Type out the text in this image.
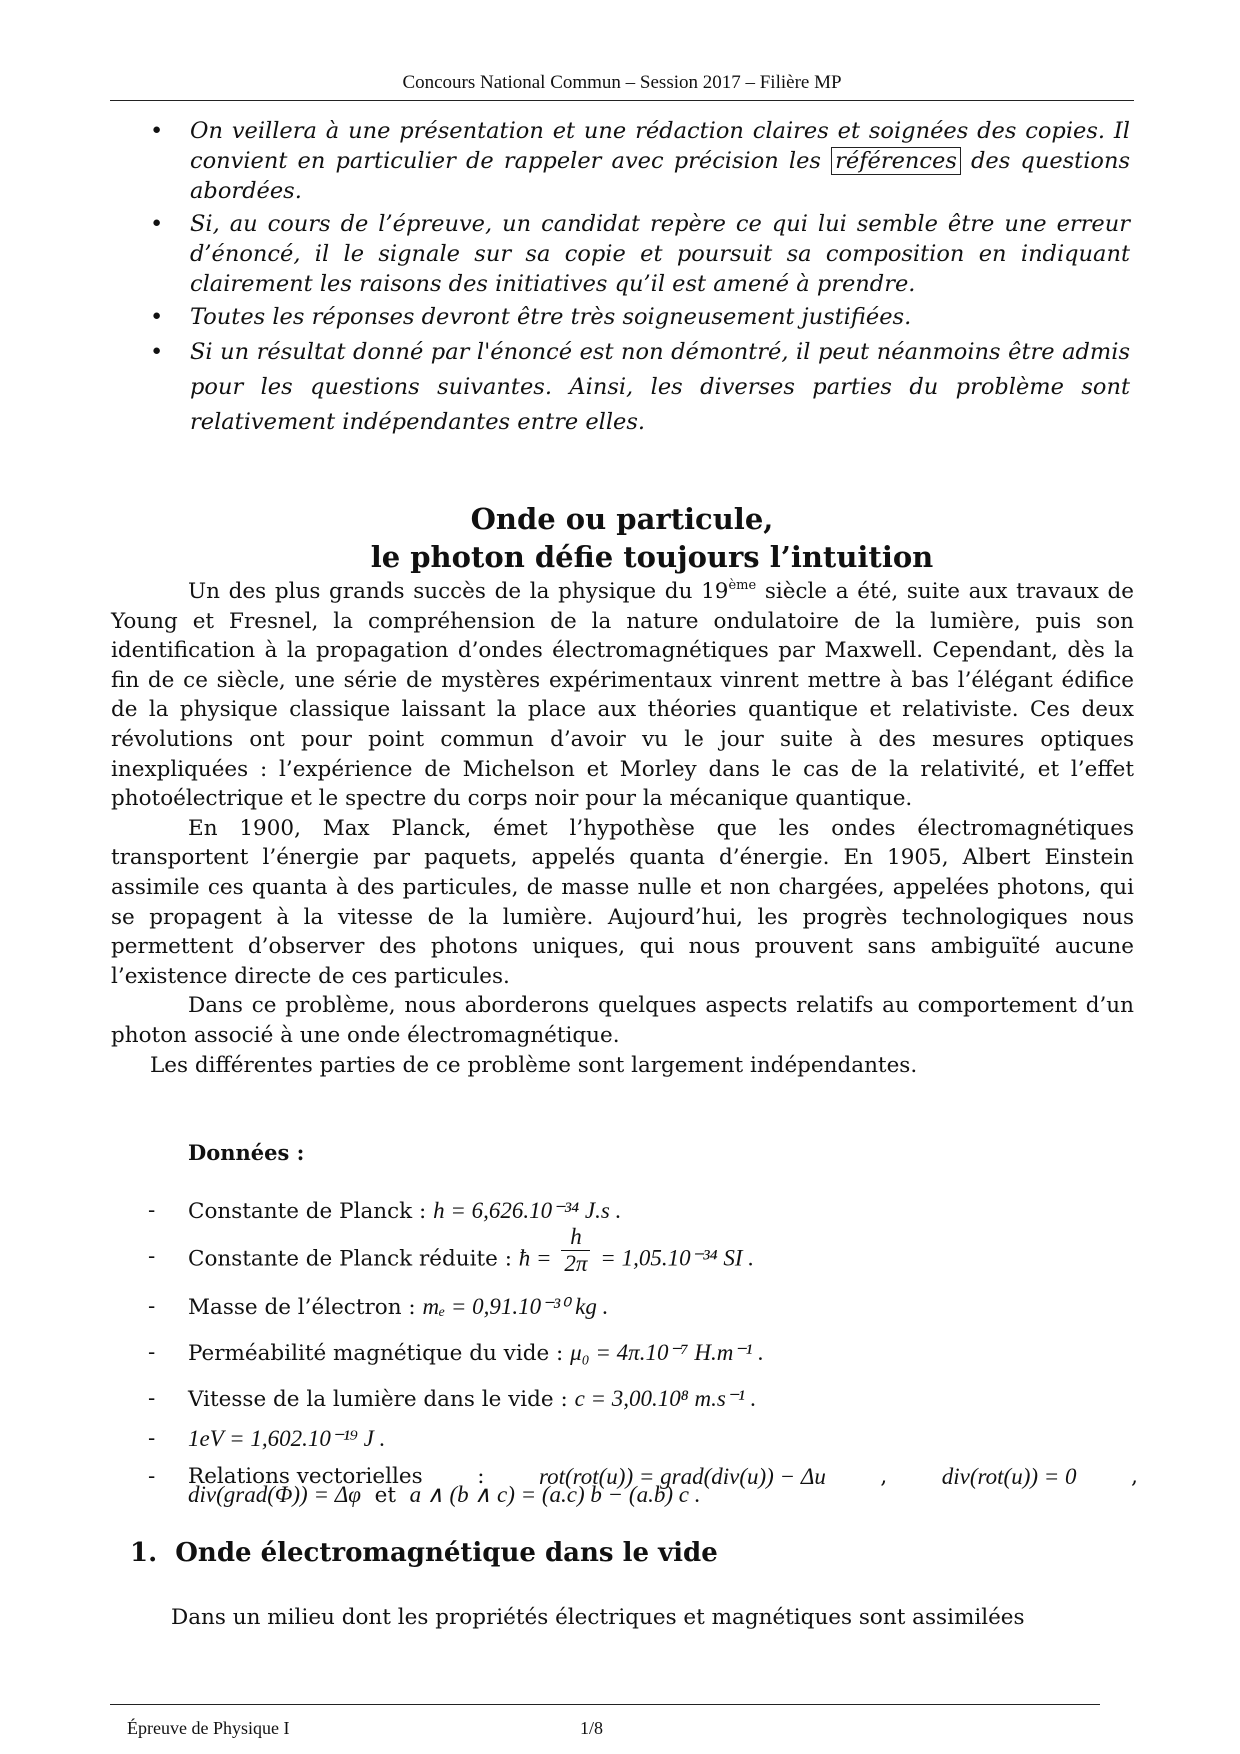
Concours National Commun – Session 2017 – Filière MP
• On veillera à une présentation et une rédaction claires et soignées des copies. Il convient en particulier de rappeler avec précision les références des questions abordées.
• Si, au cours de l’épreuve, un candidat repère ce qui lui semble être une erreur d’énoncé, il le signale sur sa copie et poursuit sa composition en indiquant clairement les raisons des initiatives qu’il est amené à prendre.
• Toutes les réponses devront être très soigneusement justifiées.
• Si un résultat donné par l'énoncé est non démontré, il peut néanmoins être admis pour les questions suivantes. Ainsi, les diverses parties du problème sont relativement indépendantes entre elles.
Onde ou particule,
le photon défie toujours l’intuition

Un des plus grands succès de la physique du 19ème siècle a été, suite aux travaux de Young et Fresnel, la compréhension de la nature ondulatoire de la lumière, puis son identification à la propagation d’ondes électromagnétiques par Maxwell. Cependant, dès la fin de ce siècle, une série de mystères expérimentaux vinrent mettre à bas l’élégant édifice de la physique classique laissant la place aux théories quantique et relativiste. Ces deux révolutions ont pour point commun d’avoir vu le jour suite à des mesures optiques inexpliquées : l’expérience de Michelson et Morley dans le cas de la relativité, et l’effet photoélectrique et le spectre du corps noir pour la mécanique quantique.

En 1900, Max Planck, émet l’hypothèse que les ondes électromagnétiques transportent l’énergie par paquets, appelés quanta d’énergie. En 1905, Albert Einstein assimile ces quanta à des particules, de masse nulle et non chargées, appelées photons, qui se propagent à la vitesse de la lumière. Aujourd’hui, les progrès technologiques nous permettent d’observer des photons uniques, qui nous prouvent sans ambiguïté aucune l’existence directe de ces particules.

Dans ce problème, nous aborderons quelques aspects relatifs au comportement d’un photon associé à une onde électromagnétique.

Les différentes parties de ce problème sont largement indépendantes.

Données :
- Constante de Planck : h = 6,626.10⁻³⁴ J.s .
- Constante de Planck réduite : ħ = $\frac{h}{2\pi} = 1,05.10^{-34}$ SI .
- Masse de l’électron : mₑ = 0,91.10⁻³⁰ kg .
- Perméabilité magnétique du vide : μ₀ = 4π.10⁻⁷ H.m⁻¹ .
- Vitesse de la lumière dans le vide : c = 3,00.10⁸ m.s⁻¹ .
- 1eV = 1,602.10⁻¹⁹ J .
- Relations vectorielles	: rot(rot(u)) = grad(div(u)) − Δu	, div(rot(u)) = 0	,
div(grad(Φ)) = Δφ et a ∧ (b ∧ c) = (a.c) b − (a.b) c .
1. Onde électromagnétique dans le vide
Dans un milieu dont les propriétés électriques et magnétiques sont assimilées
Épreuve de Physique I	1/8
